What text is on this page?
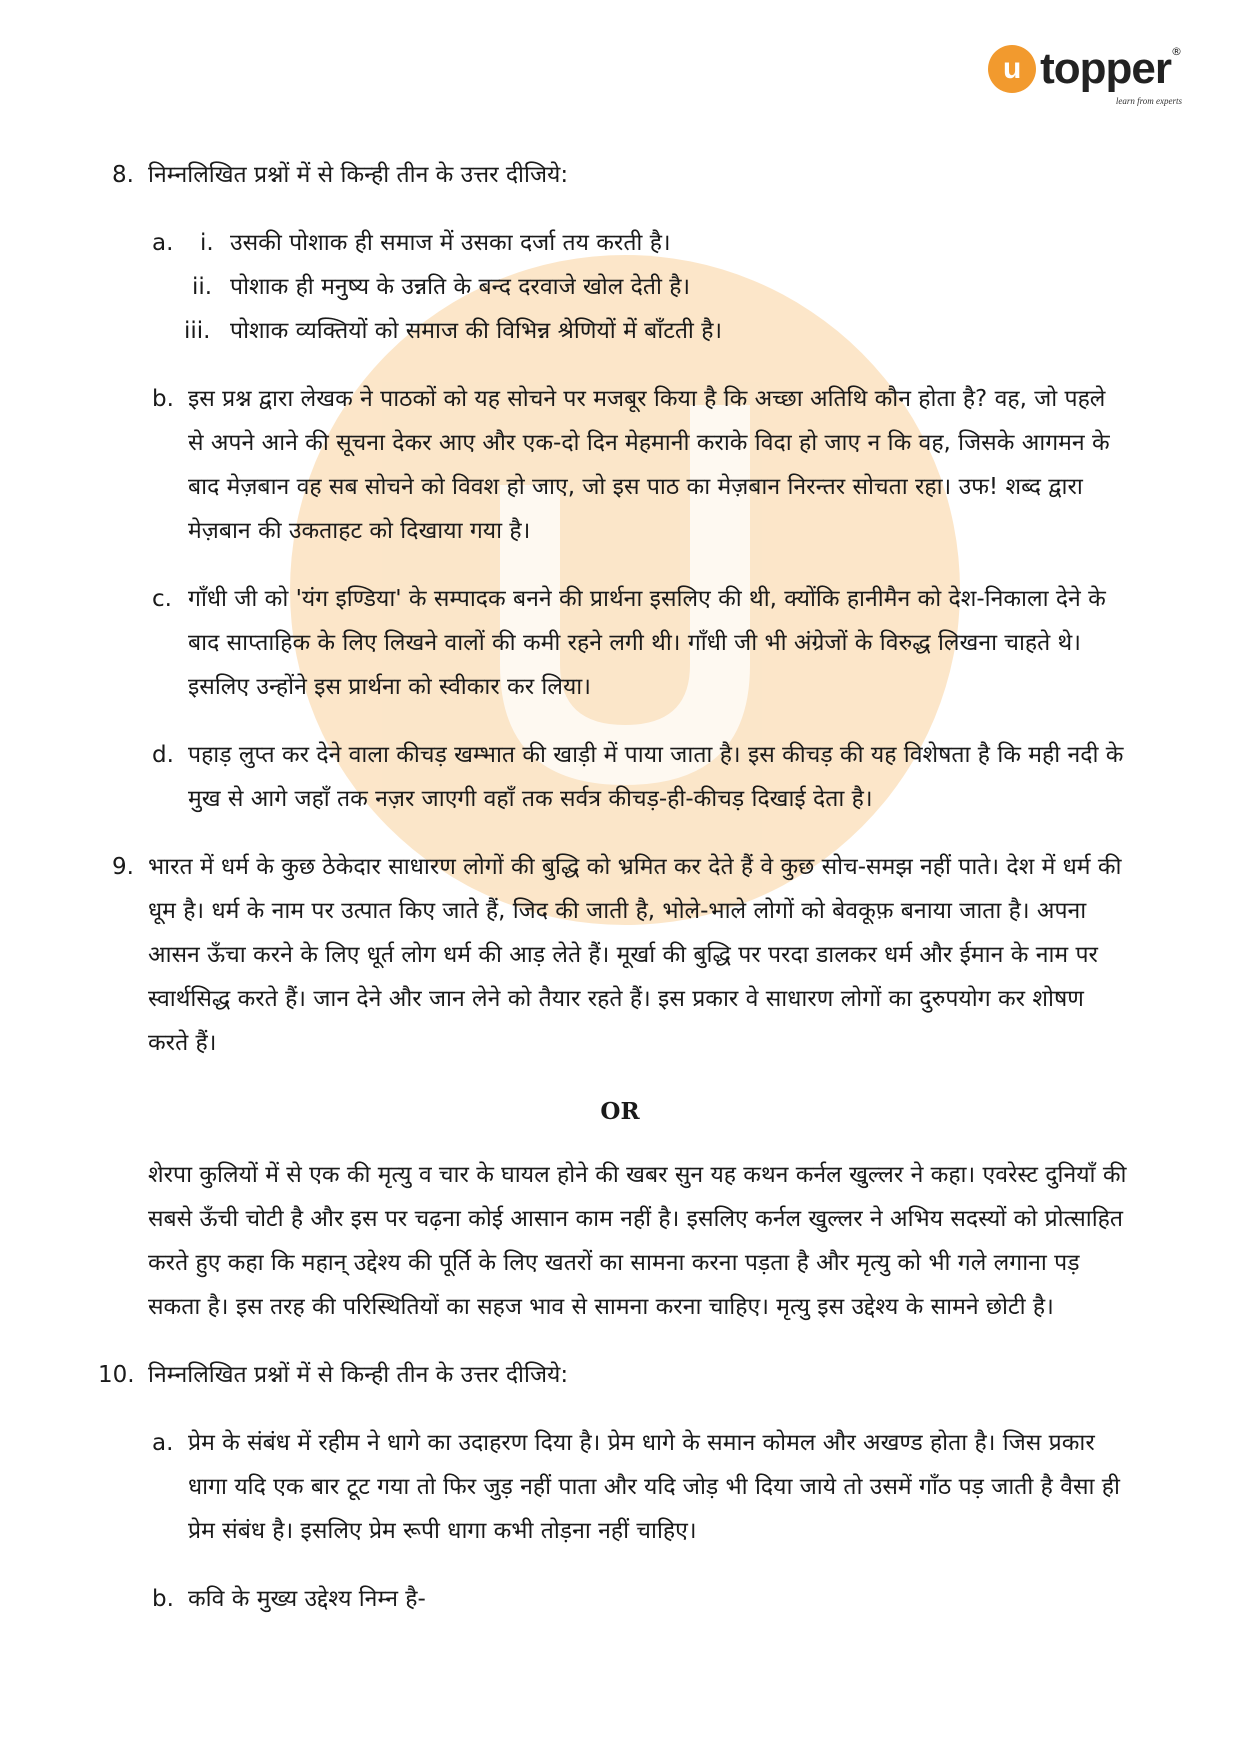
u topper ®
learn from experts
8. निम्नलिखित प्रश्नों में से किन्ही तीन के उत्तर दीजिये:
a. i. उसकी पोशाक ही समाज में उसका दर्जा तय करती है।
ii. पोशाक ही मनुष्य के उन्नति के बन्द दरवाजे खोल देती है।
iii. पोशाक व्यक्तियों को समाज की विभिन्न श्रेणियों में बाँटती है।
b. इस प्रश्न द्वारा लेखक ने पाठकों को यह सोचने पर मजबूर किया है कि अच्छा अतिथि कौन होता है? वह, जो पहले
से अपने आने की सूचना देकर आए और एक-दो दिन मेहमानी कराके विदा हो जाए न कि वह, जिसके आगमन के
बाद मेज़बान वह सब सोचने को विवश हो जाए, जो इस पाठ का मेज़बान निरन्तर सोचता रहा। उफ! शब्द द्वारा
मेज़बान की उकताहट को दिखाया गया है।
c. गाँधी जी को 'यंग इण्डिया' के सम्पादक बनने की प्रार्थना इसलिए की थी, क्योंकि हानीमैन को देश-निकाला देने के
बाद साप्ताहिक के लिए लिखने वालों की कमी रहने लगी थी। गाँधी जी भी अंग्रेजों के विरुद्ध लिखना चाहते थे।
इसलिए उन्होंने इस प्रार्थना को स्वीकार कर लिया।
d. पहाड़ लुप्त कर देने वाला कीचड़ खम्भात की खाड़ी में पाया जाता है। इस कीचड़ की यह विशेषता है कि मही नदी के
मुख से आगे जहाँ तक नज़र जाएगी वहाँ तक सर्वत्र कीचड़-ही-कीचड़ दिखाई देता है।
9. भारत में धर्म के कुछ ठेकेदार साधारण लोगों की बुद्धि को भ्रमित कर देते हैं वे कुछ सोच-समझ नहीं पाते। देश में धर्म की
धूम है। धर्म के नाम पर उत्पात किए जाते हैं, जिद की जाती है, भोले-भाले लोगों को बेवकूफ़ बनाया जाता है। अपना
आसन ऊँचा करने के लिए धूर्त लोग धर्म की आड़ लेते हैं। मूर्खा की बुद्धि पर परदा डालकर धर्म और ईमान के नाम पर
स्वार्थसिद्ध करते हैं। जान देने और जान लेने को तैयार रहते हैं। इस प्रकार वे साधारण लोगों का दुरुपयोग कर शोषण
करते हैं।
OR
शेरपा कुलियों में से एक की मृत्यु व चार के घायल होने की खबर सुन यह कथन कर्नल खुल्लर ने कहा। एवरेस्ट दुनियाँ की
सबसे ऊँची चोटी है और इस पर चढ़ना कोई आसान काम नहीं है। इसलिए कर्नल खुल्लर ने अभिय सदस्यों को प्रोत्साहित
करते हुए कहा कि महान् उद्देश्य की पूर्ति के लिए खतरों का सामना करना पड़ता है और मृत्यु को भी गले लगाना पड़
सकता है। इस तरह की परिस्थितियों का सहज भाव से सामना करना चाहिए। मृत्यु इस उद्देश्य के सामने छोटी है।
10. निम्नलिखित प्रश्नों में से किन्ही तीन के उत्तर दीजिये:
a. प्रेम के संबंध में रहीम ने धागे का उदाहरण दिया है। प्रेम धागे के समान कोमल और अखण्ड होता है। जिस प्रकार
धागा यदि एक बार टूट गया तो फिर जुड़ नहीं पाता और यदि जोड़ भी दिया जाये तो उसमें गाँठ पड़ जाती है वैसा ही
प्रेम संबंध है। इसलिए प्रेम रूपी धागा कभी तोड़ना नहीं चाहिए।
b. कवि के मुख्य उद्देश्य निम्न है-
